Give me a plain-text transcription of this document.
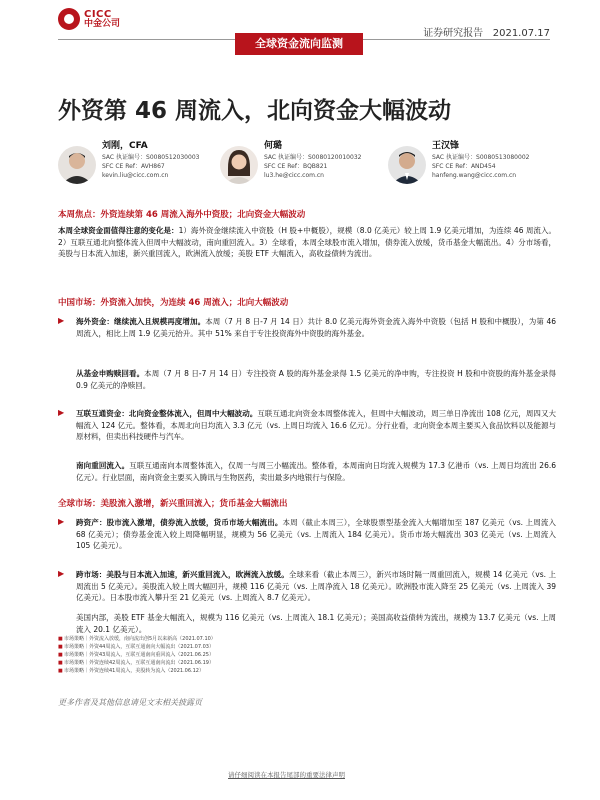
CICC
中金公司
证券研究报告 2021.07.17
全球资金流向监测
外资第 46 周流入，北向资金大幅波动
刘刚，CFA
SAC 执证编号：S0080512030003
SFC CE Ref：AVH867
kevin.liu@cicc.com.cn
何璐
SAC 执证编号：S0080120010032
SFC CE Ref：BQB821
lu3.he@cicc.com.cn
王汉锋
SAC 执证编号：S0080513080002
SFC CE Ref：AND454
hanfeng.wang@cicc.com.cn
本周焦点：外资连续第 46 周流入海外中资股；北向资金大幅波动
本周全球资金面值得注意的变化是：1）海外资金继续流入中资股（H 股+中概股），规模（8.0 亿美元）较上周 1.9 亿美元增加，为连续 46 周流入。2）互联互通北向整体流入但周中大幅波动，南向重回流入。3）全球看，本周全球股市流入增加，债券流入放缓，货币基金大幅流出。4）分市场看，美股与日本流入加速，新兴重回流入，欧洲流入放缓；美股 ETF 大幅流入，高收益债转为流出。
中国市场：外资流入加快，为连续 46 周流入；北向大幅波动
▶	海外资金：继续流入且规模再度增加。本周（7 月 8 日-7 月 14 日）共计 8.0 亿美元海外资金流入海外中资股（包括 H 股和中概股），为第 46 周流入，相比上周 1.9 亿美元抬升。其中 51% 来自于专注投资海外中资股的海外基金。
从基金申购赎回看。本周（7 月 8 日-7 月 14 日）专注投资 A 股的海外基金录得 1.5 亿美元的净申购，专注投资 H 股和中资股的海外基金录得 0.9 亿美元的净赎回。
▶	互联互通资金：北向资金整体流入，但周中大幅波动。互联互通北向资金本周整体流入，但周中大幅波动，周三单日净流出 108 亿元，周四又大幅流入 124 亿元。整体看，本周北向日均流入 3.3 亿元（vs. 上周日均流入 16.6 亿元）。分行业看，北向资金本周主要买入食品饮料以及能源与原材料，但卖出科技硬件与汽车。
南向重回流入。互联互通南向本周整体流入，仅周一与周三小幅流出。整体看，本周南向日均流入规模为 17.3 亿港币（vs. 上周日均流出 26.6 亿元）。行业层面，南向资金主要买入腾讯与生物医药，卖出最多内地银行与保险。
全球市场：美股流入激增，新兴重回流入；货币基金大幅流出
▶	跨资产：股市流入激增，债券流入放缓，货币市场大幅流出。本周（截止本周三），全球股票型基金流入大幅增加至 187 亿美元（vs. 上周流入 68 亿美元）；债券基金流入较上周降幅明显，规模为 56 亿美元（vs. 上周流入 184 亿美元）。货币市场大幅流出 303 亿美元（vs. 上周流入 105 亿美元）。
▶	跨市场：美股与日本流入加速，新兴重回流入，欧洲流入放缓。全球来看（截止本周三），新兴市场时隔一周重回流入，规模 14 亿美元（vs. 上周流出 5 亿美元）。美股流入较上周大幅回升，规模 116 亿美元（vs. 上周净流入 18 亿美元）。欧洲股市流入降至 25 亿美元（vs. 上周流入 39 亿美元）。日本股市流入攀升至 21 亿美元（vs. 上周流入 8.7 亿美元）。
美国内部，美股 ETF 基金大幅流入，规模为 116 亿美元（vs. 上周流入 18.1 亿美元）；美国高收益债转为流出，规模为 13.7 亿美元（vs. 上周流入 20.1 亿美元）。
■ 市场策略｜外资流入放缓，南向流出创5月以来新高（2021.07.10）
■ 市场策略｜外资44周流入，互联互通南向大幅流出（2021.07.03）
■ 市场策略｜外资43周流入，互联互通南向重回流入（2021.06.25）
■ 市场策略｜外资连续42周流入，互联互通南向流出（2021.06.19）
■ 市场策略｜外资连续41周流入，美股转为流入（2021.06.12）
更多作者及其他信息请见文末相关披露页
请仔细阅读在本报告尾部的重要法律声明
